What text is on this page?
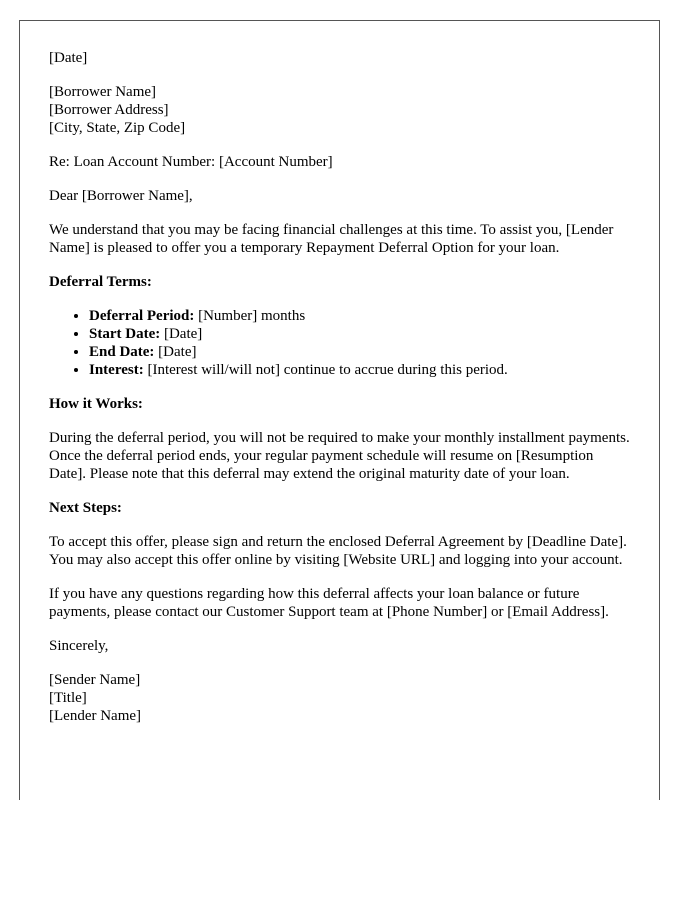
[Date]

[Borrower Name]

[Borrower Address]

[City, State, Zip Code]

Re: Loan Account Number: [Account Number]

Dear [Borrower Name],

We understand that you may be facing financial challenges at this time. To assist you, [Lender Name] is pleased to offer you a temporary Repayment Deferral Option for your loan.

Deferral Terms:

• Deferral Period: [Number] months
• Start Date: [Date]
• End Date: [Date]
• Interest: [Interest will/will not] continue to accrue during this period.

How it Works:

During the deferral period, you will not be required to make your monthly installment payments. Once the deferral period ends, your regular payment schedule will resume on [Resumption Date]. Please note that this deferral may extend the original maturity date of your loan.

Next Steps:

To accept this offer, please sign and return the enclosed Deferral Agreement by [Deadline Date]. You may also accept this offer online by visiting [Website URL] and logging into your account.

If you have any questions regarding how this deferral affects your loan balance or future payments, please contact our Customer Support team at [Phone Number] or [Email Address].

Sincerely,

[Sender Name]

[Title]

[Lender Name]
